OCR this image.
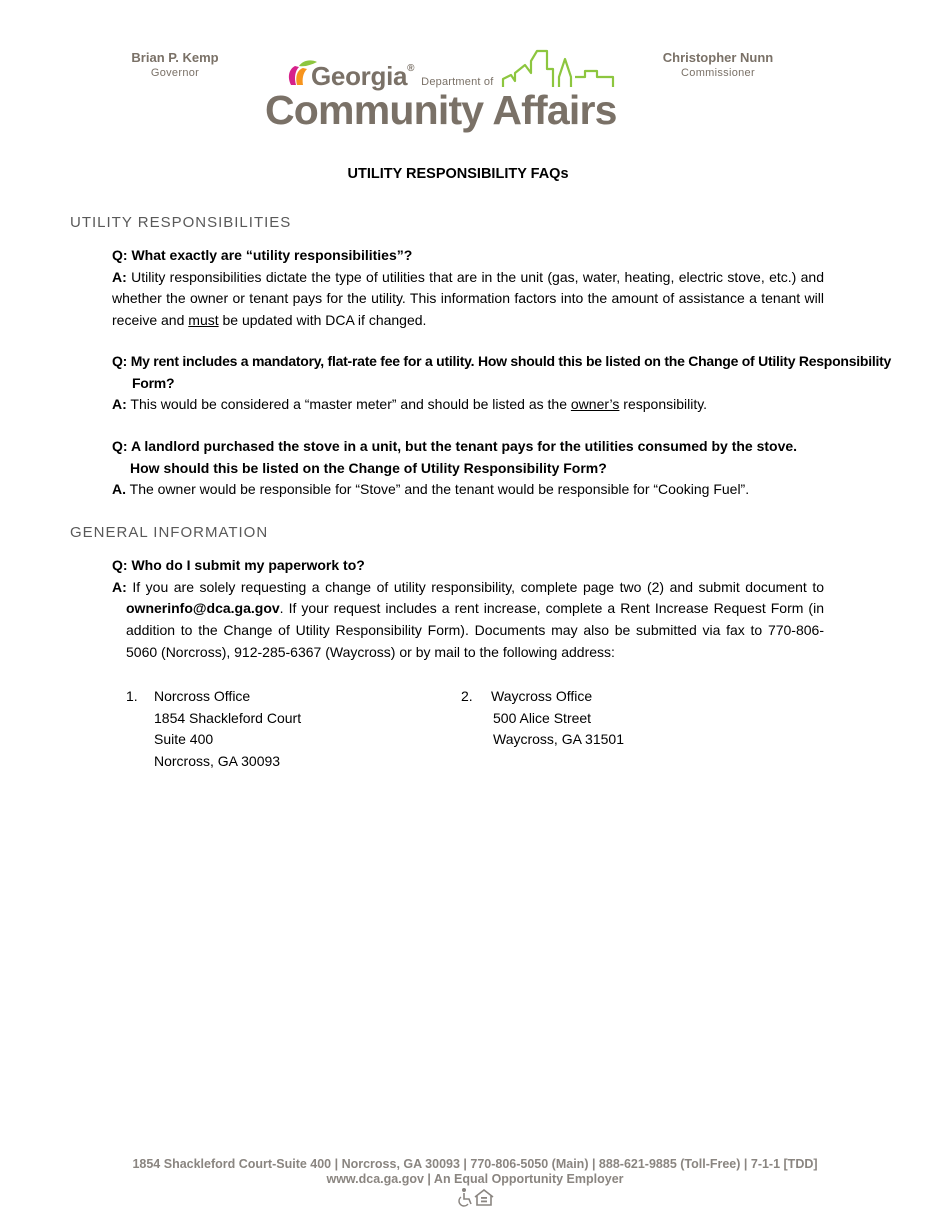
Brian P. Kemp
Governor
Christopher Nunn
Commissioner
Georgia® Department of
Community Affairs
UTILITY RESPONSIBILITY FAQs
UTILITY RESPONSIBILITIES
Q: What exactly are “utility responsibilities”?
A: Utility responsibilities dictate the type of utilities that are in the unit (gas, water, heating, electric stove, etc.) and whether the owner or tenant pays for the utility. This information factors into the amount of assistance a tenant will receive and must be updated with DCA if changed.
Q: My rent includes a mandatory, flat-rate fee for a utility. How should this be listed on the Change of Utility Responsibility Form?
A: This would be considered a “master meter” and should be listed as the owner’s responsibility.
Q: A landlord purchased the stove in a unit, but the tenant pays for the utilities consumed by the stove.
How should this be listed on the Change of Utility Responsibility Form?
A. The owner would be responsible for “Stove” and the tenant would be responsible for “Cooking Fuel”.
GENERAL INFORMATION
Q: Who do I submit my paperwork to?
A: If you are solely requesting a change of utility responsibility, complete page two (2) and submit document to ownerinfo@dca.ga.gov. If your request includes a rent increase, complete a Rent Increase Request Form (in addition to the Change of Utility Responsibility Form). Documents may also be submitted via fax to 770-806-5060 (Norcross), 912-285-6367 (Waycross) or by mail to the following address:
1.	Norcross Office
1854 Shackleford Court
Suite 400
Norcross, GA 30093
2.	Waycross Office
500 Alice Street
Waycross, GA 31501
1854 Shackleford Court-Suite 400 | Norcross, GA 30093 | 770-806-5050 (Main) | 888-621-9885 (Toll-Free) | 7-1-1 [TDD]
www.dca.ga.gov | An Equal Opportunity Employer
